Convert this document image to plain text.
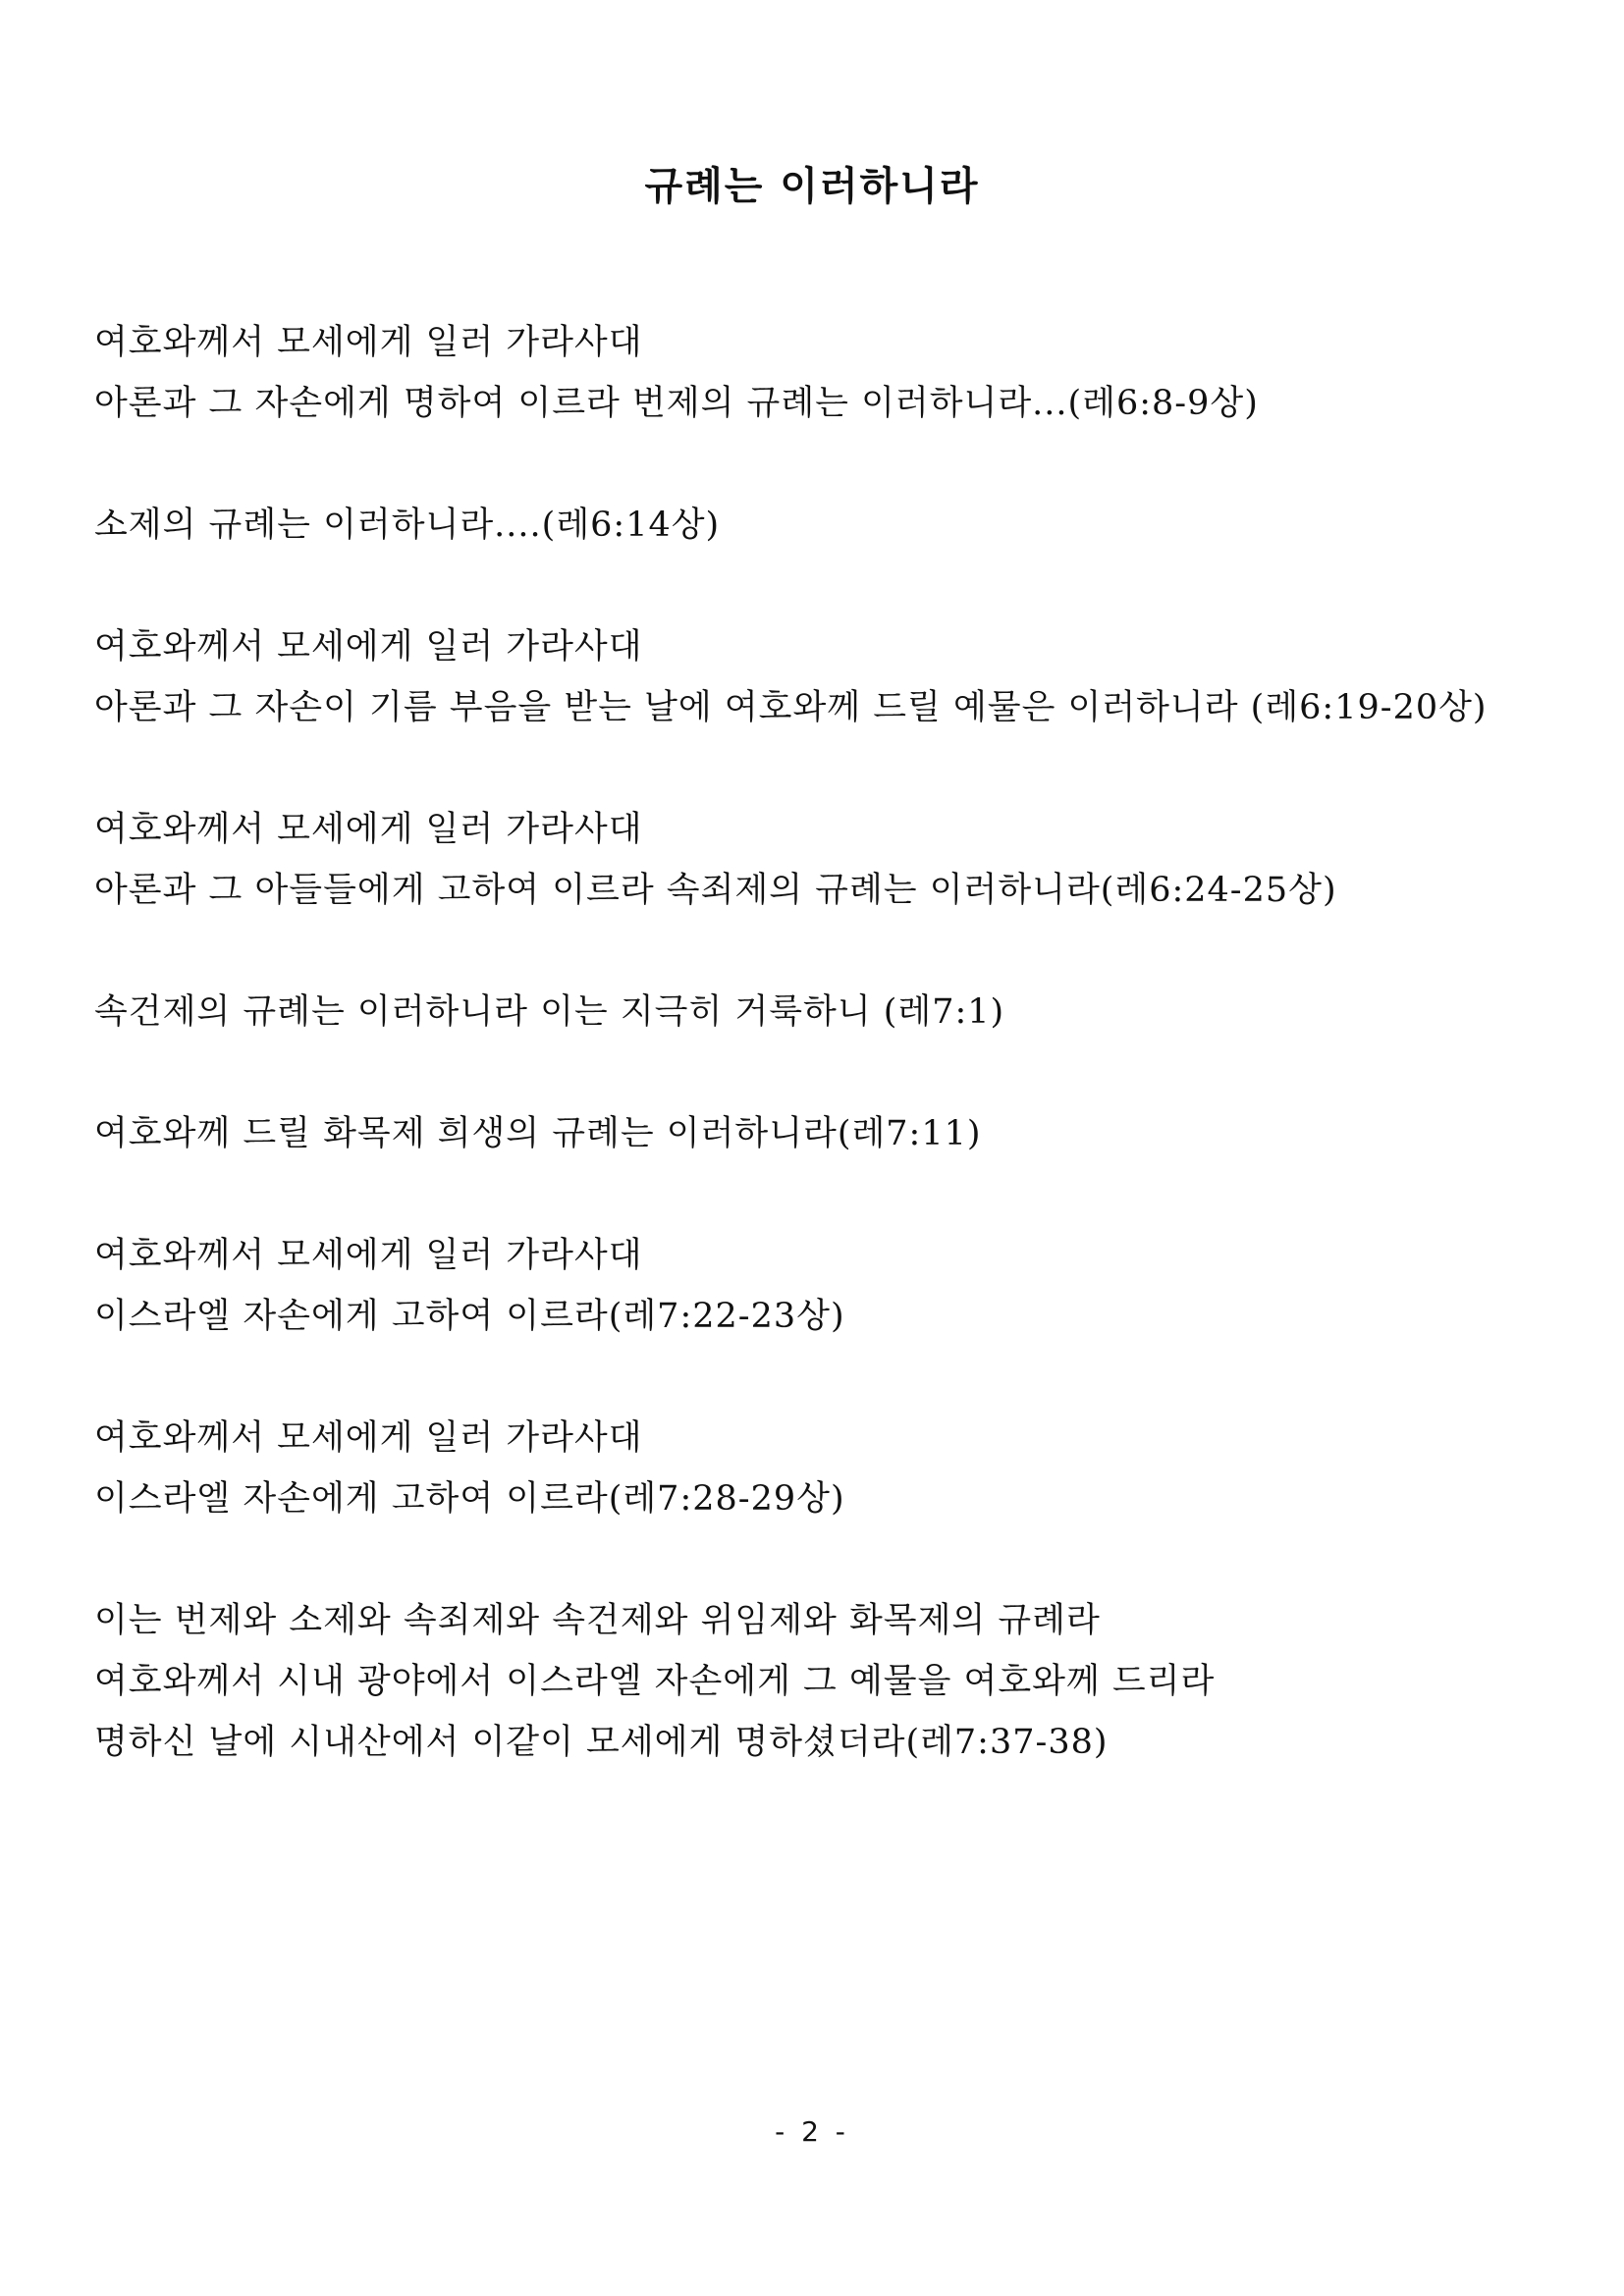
규례는 이러하니라
여호와께서 모세에게 일러 가라사대
아론과 그 자손에게 명하여 이르라 번제의 규례는 이러하니라...(레6:8-9상)
소제의 규례는 이러하니라....(레6:14상)
여호와께서 모세에게 일러 가라사대
아론과 그 자손이 기름 부음을 받는 날에 여호와께 드릴 예물은 이러하니라 (레6:19-20상)
여호와께서 모세에게 일러 가라사대
아론과 그 아들들에게 고하여 이르라 속죄제의 규례는 이러하니라(레6:24-25상)
속건제의 규례는 이러하니라 이는 지극히 거룩하니 (레7:1)
여호와께 드릴 화목제 희생의 규례는 이러하니라(레7:11)
여호와께서 모세에게 일러 가라사대
이스라엘 자손에게 고하여 이르라(레7:22-23상)
여호와께서 모세에게 일러 가라사대
이스라엘 자손에게 고하여 이르라(레7:28-29상)
이는 번제와 소제와 속죄제와 속건제와 위임제와 화목제의 규례라
여호와께서 시내 광야에서 이스라엘 자손에게 그 예물을 여호와께 드리라
명하신 날에 시내산에서 이같이 모세에게 명하셨더라(레7:37-38)
- 2 -
